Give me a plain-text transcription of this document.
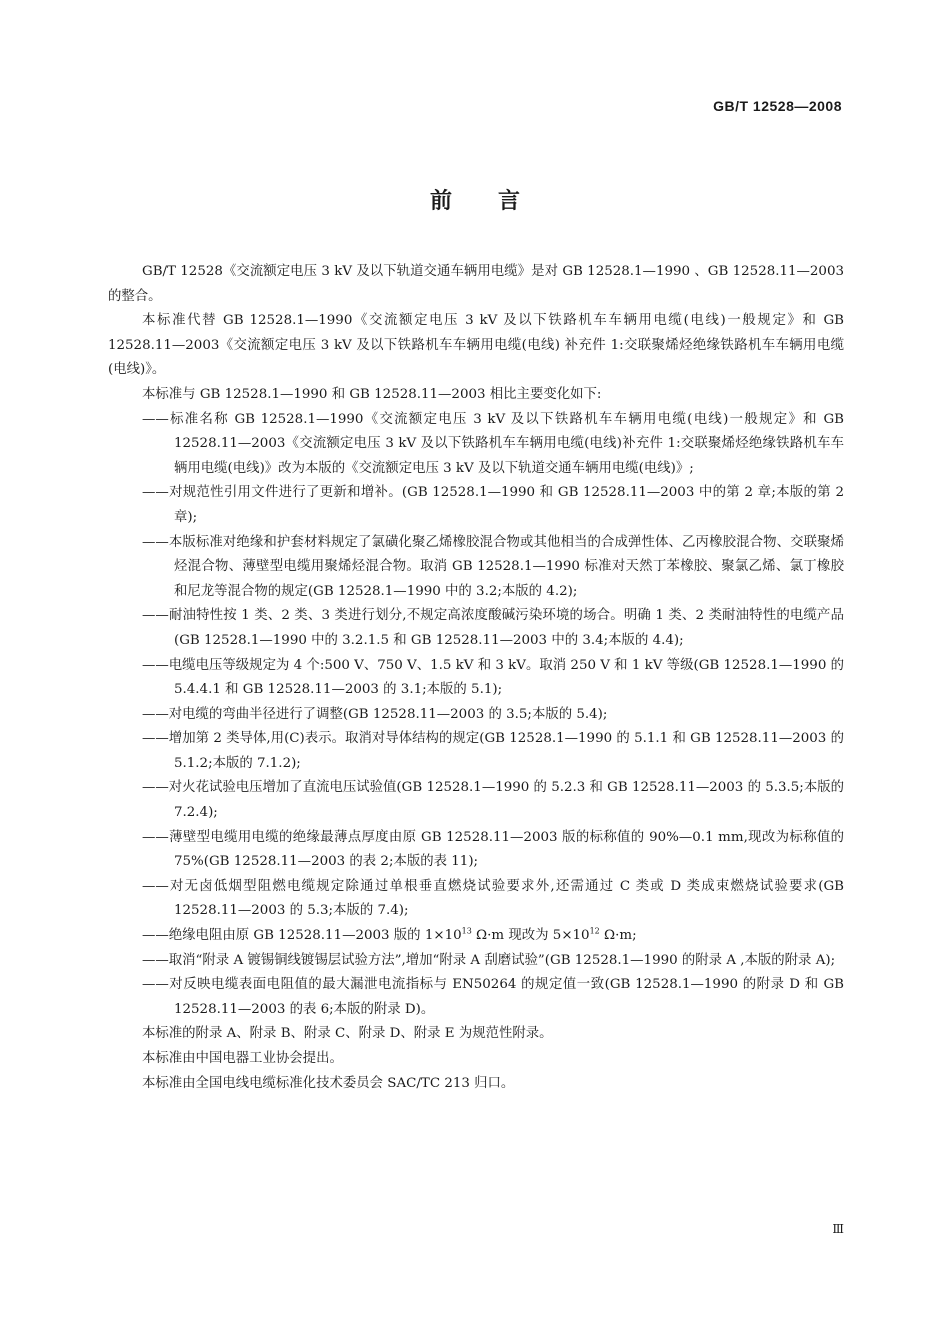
GB/T 12528—2008
前言

GB/T 12528《交流额定电压 3 kV 及以下轨道交通车辆用电缆》是对 GB 12528.1—1990 、GB 12528.11—2003 的整合。

本标准代替 GB 12528.1—1990《交流额定电压 3 kV 及以下铁路机车车辆用电缆(电线)一般规定》和 GB 12528.11—2003《交流额定电压 3 kV 及以下铁路机车车辆用电缆(电线) 补充件 1:交联聚烯烃绝缘铁路机车车辆用电缆(电线)》。

本标准与 GB 12528.1—1990 和 GB 12528.11—2003 相比主要变化如下:

——标准名称 GB 12528.1—1990《交流额定电压 3 kV 及以下铁路机车车辆用电缆(电线)一般规定》和 GB 12528.11—2003《交流额定电压 3 kV 及以下铁路机车车辆用电缆(电线)补充件 1:交联聚烯烃绝缘铁路机车车辆用电缆(电线)》改为本版的《交流额定电压 3 kV 及以下轨道交通车辆用电缆(电线)》;

——对规范性引用文件进行了更新和增补。(GB 12528.1—1990 和 GB 12528.11—2003 中的第 2 章;本版的第 2 章);

——本版标准对绝缘和护套材料规定了氯磺化聚乙烯橡胶混合物或其他相当的合成弹性体、乙丙橡胶混合物、交联聚烯烃混合物、薄壁型电缆用聚烯烃混合物。取消 GB 12528.1—1990 标准对天然丁苯橡胶、聚氯乙烯、氯丁橡胶和尼龙等混合物的规定(GB 12528.1—1990 中的 3.2;本版的 4.2);

——耐油特性按 1 类、2 类、3 类进行划分,不规定高浓度酸碱污染环境的场合。明确 1 类、2 类耐油特性的电缆产品(GB 12528.1—1990 中的 3.2.1.5 和 GB 12528.11—2003 中的 3.4;本版的 4.4);

——电缆电压等级规定为 4 个:500 V、750 V、1.5 kV 和 3 kV。取消 250 V 和 1 kV 等级(GB 12528.1—1990 的 5.4.4.1 和 GB 12528.11—2003 的 3.1;本版的 5.1);

——对电缆的弯曲半径进行了调整(GB 12528.11—2003 的 3.5;本版的 5.4);

——增加第 2 类导体,用(C)表示。取消对导体结构的规定(GB 12528.1—1990 的 5.1.1 和 GB 12528.11—2003 的 5.1.2;本版的 7.1.2);

——对火花试验电压增加了直流电压试验值(GB 12528.1—1990 的 5.2.3 和 GB 12528.11—2003 的 5.3.5;本版的 7.2.4);

——薄壁型电缆用电缆的绝缘最薄点厚度由原 GB 12528.11—2003 版的标称值的 90%—0.1 mm,现改为标称值的 75%(GB 12528.11—2003 的表 2;本版的表 11);

——对无卤低烟型阻燃电缆规定除通过单根垂直燃烧试验要求外,还需通过 C 类或 D 类成束燃烧试验要求(GB 12528.11—2003 的 5.3;本版的 7.4);

——绝缘电阻由原 GB 12528.11—2003 版的 $1\times 10^{13}$ Ω·m 现改为 $5\times 10^{12}$ Ω·m;

——取消“附录 A 镀锡铜线镀锡层试验方法”,增加“附录 A 刮磨试验”(GB 12528.1—1990 的附录 A ,本版的附录 A);

——对反映电缆表面电阻值的最大漏泄电流指标与 EN50264 的规定值一致(GB 12528.1—1990 的附录 D 和 GB 12528.11—2003 的表 6;本版的附录 D)。

本标准的附录 A、附录 B、附录 C、附录 D、附录 E 为规范性附录。

本标准由中国电器工业协会提出。

本标准由全国电线电缆标准化技术委员会 SAC/TC 213 归口。

Ⅲ
